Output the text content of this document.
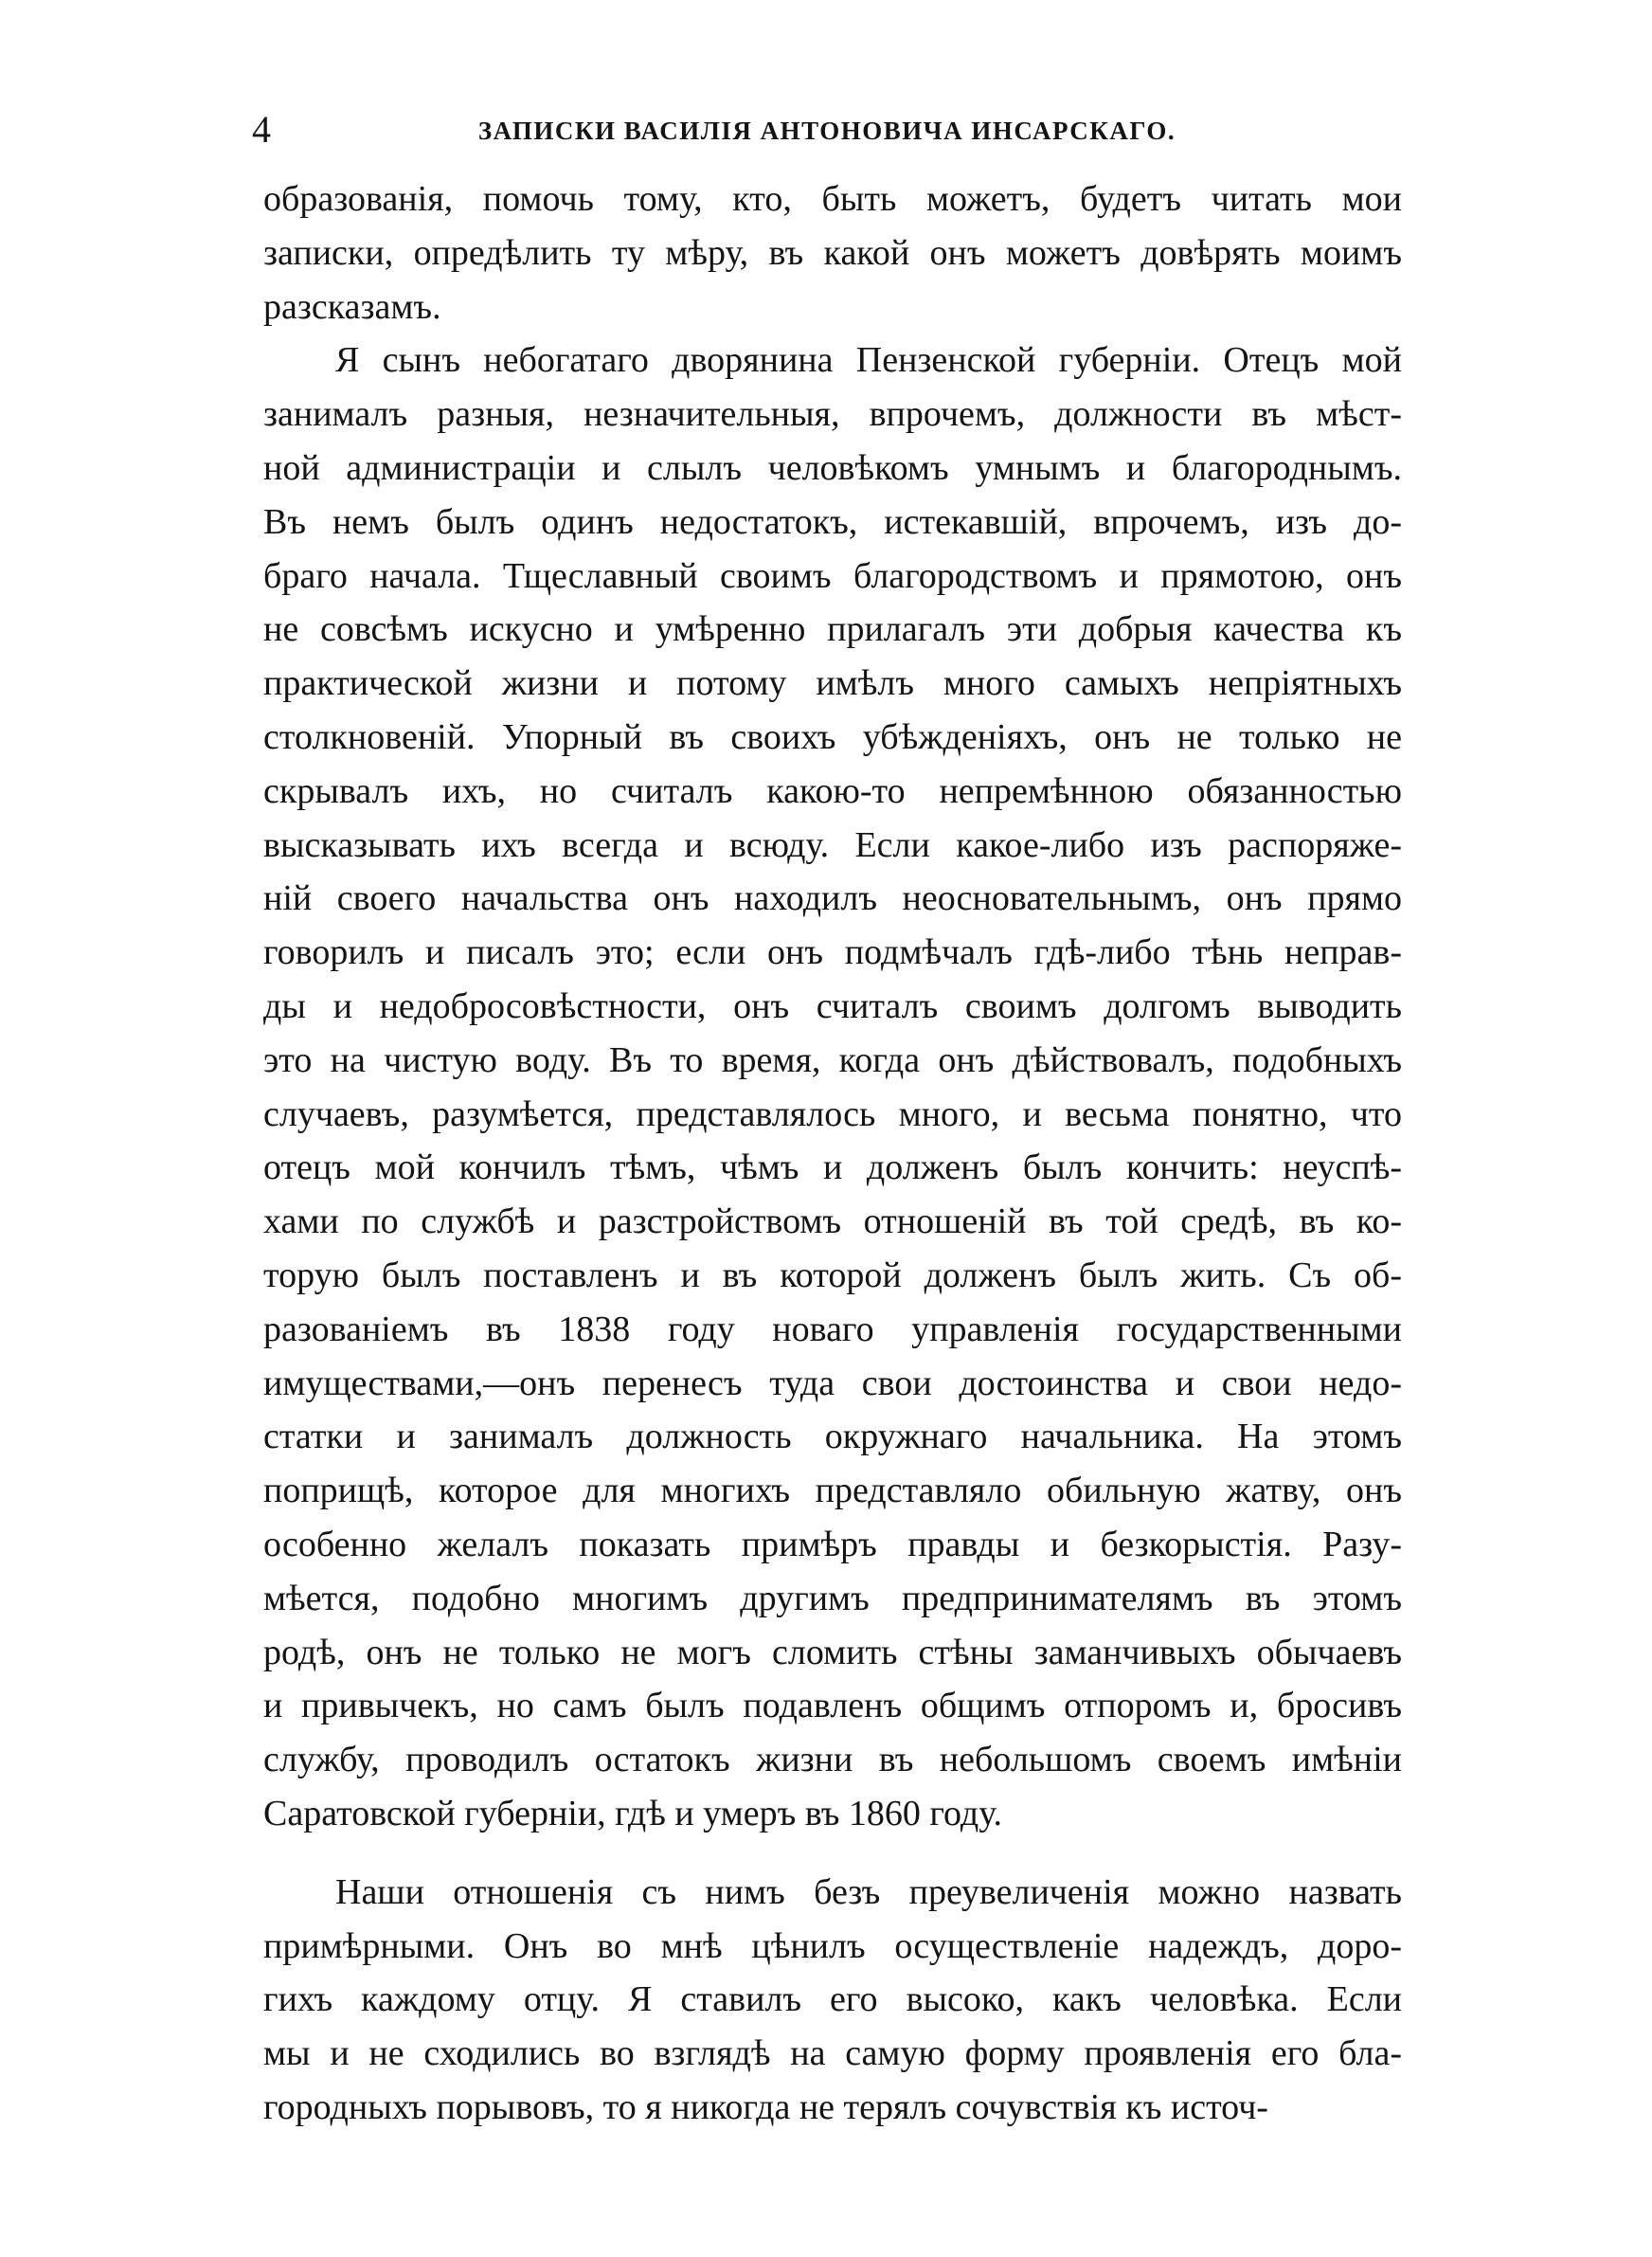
4	ЗАПИСКИ ВАСИЛІЯ АНТОНОВИЧА ИНСАРСКАГО.
образованія, помочь тому, кто, быть можетъ, будетъ читать мои
записки, опредѣлить ту мѣру, въ какой онъ можетъ довѣрять моимъ
разсказамъ.
Я сынъ небогатаго дворянина Пензенской губерніи. Отецъ мой
занималъ разныя, незначительныя, впрочемъ, должности въ мѣст-
ной администраціи и слылъ человѣкомъ умнымъ и благороднымъ.
Въ немъ былъ одинъ недостатокъ, истекавшій, впрочемъ, изъ до-
браго начала. Тщеславный своимъ благородствомъ и прямотою, онъ
не совсѣмъ искусно и умѣренно прилагалъ эти добрыя качества къ
практической жизни и потому имѣлъ много самыхъ непріятныхъ
столкновеній. Упорный въ своихъ убѣжденіяхъ, онъ не только не
скрывалъ ихъ, но считалъ какою-то непремѣнною обязанностью
высказывать ихъ всегда и всюду. Если какое-либо изъ распоряже-
ній своего начальства онъ находилъ неосновательнымъ, онъ прямо
говорилъ и писалъ это; если онъ подмѣчалъ гдѣ-либо тѣнь неправ-
ды и недобросовѣстности, онъ считалъ своимъ долгомъ выводить
это на чистую воду. Въ то время, когда онъ дѣйствовалъ, подобныхъ
случаевъ, разумѣется, представлялось много, и весьма понятно, что
отецъ мой кончилъ тѣмъ, чѣмъ и долженъ былъ кончить: неуспѣ-
хами по службѣ и разстройствомъ отношеній въ той средѣ, въ ко-
торую былъ поставленъ и въ которой долженъ былъ жить. Съ об-
разованіемъ въ 1838 году новаго управленія государственными
имуществами,—онъ перенесъ туда свои достоинства и свои недо-
статки и занималъ должность окружнаго начальника. На этомъ
поприщѣ, которое для многихъ представляло обильную жатву, онъ
особенно желалъ показать примѣръ правды и безкорыстія. Разу-
мѣется, подобно многимъ другимъ предпринимателямъ въ этомъ
родѣ, онъ не только не могъ сломить стѣны заманчивыхъ обычаевъ
и привычекъ, но самъ былъ подавленъ общимъ отпоромъ и, бросивъ
службу, проводилъ остатокъ жизни въ небольшомъ своемъ имѣніи
Саратовской губерніи, гдѣ и умеръ въ 1860 году.
Наши отношенія съ нимъ безъ преувеличенія можно назвать
примѣрными. Онъ во мнѣ цѣнилъ осуществленіе надеждъ, доро-
гихъ каждому отцу. Я ставилъ его высоко, какъ человѣка. Если
мы и не сходились во взглядѣ на самую форму проявленія его бла-
городныхъ порывовъ, то я никогда не терялъ сочувствія къ источ-
